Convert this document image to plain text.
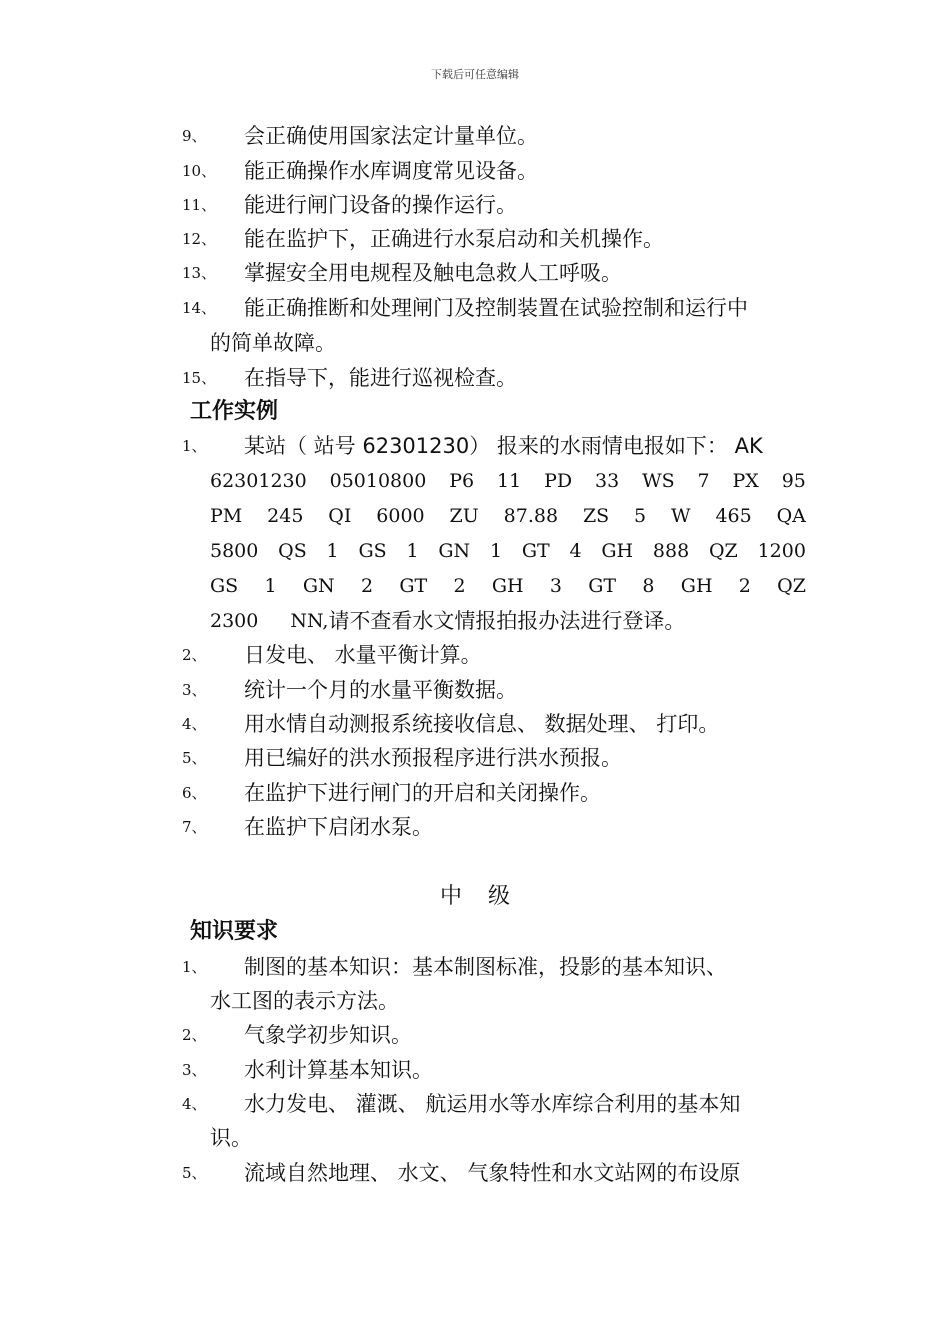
下载后可任意编辑
9、 会正确使用国家法定计量单位。
10、 能正确操作水库调度常见设备。
11、 能进行闸门设备的操作运行。
12、 能在监护下，正确进行水泵启动和关机操作。
13、 掌握安全用电规程及触电急救人工呼吸。
14、 能正确推断和处理闸门及控制装置在试验控制和运行中
的简单故障。
15、 在指导下，能进行巡视检查。
工作实例
1、 某站（ 站号 62301230） 报来的水雨情电报如下： AK
62301230 05010800 P6 11 PD 33 WS 7 PX 95
PM 245 QI 6000 ZU 87.88 ZS 5 W 465 QA
5800 QS 1 GS 1 GN 1 GT 4 GH 888 QZ 1200
GS 1 GN 2 GT 2 GH 3 GT 8 GH 2 QZ
2300 NN, 请不查看水文情报拍报办法进行登译。
2、 日发电、 水量平衡计算。
3、 统计一个月的水量平衡数据。
4、 用水情自动测报系统接收信息、 数据处理、 打印。
5、 用已编好的洪水预报程序进行洪水预报。
6、 在监护下进行闸门的开启和关闭操作。
7、 在监护下启闭水泵。
中级
知识要求
1、 制图的基本知识：基本制图标准，投影的基本知识、
水工图的表示方法。
2、 气象学初步知识。
3、 水利计算基本知识。
4、 水力发电、 灌溉、 航运用水等水库综合利用的基本知
识。
5、 流域自然地理、 水文、 气象特性和水文站网的布设原
